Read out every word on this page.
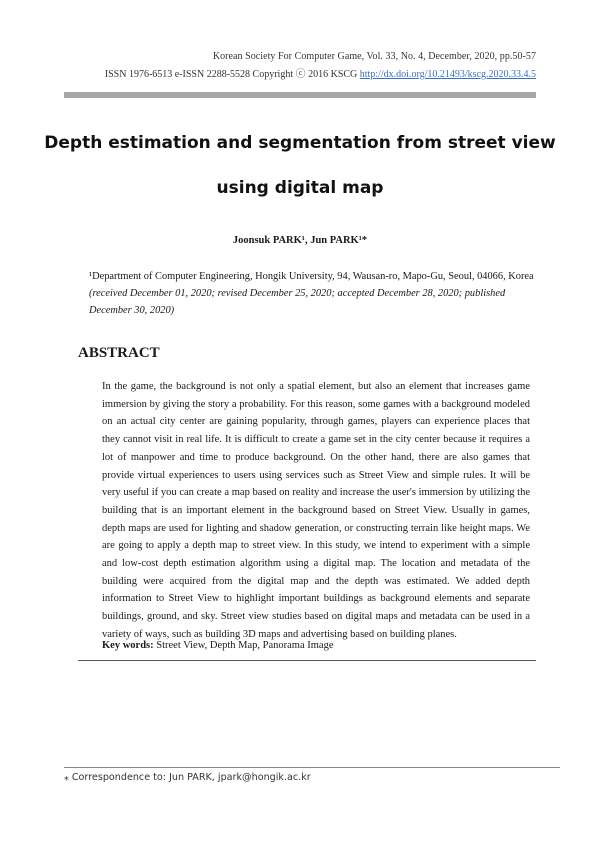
Korean Society For Computer Game, Vol. 33, No. 4, December, 2020, pp.50-57
ISSN 1976-6513 e-ISSN 2288-5528 Copyright ⓒ 2016 KSCG http://dx.doi.org/10.21493/kscg.2020.33.4.5
Depth estimation and segmentation from street view
using digital map
Joonsuk PARK¹, Jun PARK¹*
¹Department of Computer Engineering, Hongik University, 94, Wausan-ro, Mapo-Gu, Seoul, 04066, Korea
(received December 01, 2020; revised December 25, 2020; accepted December 28, 2020; published December 30, 2020)
ABSTRACT
In the game, the background is not only a spatial element, but also an element that increases game immersion by giving the story a probability. For this reason, some games with a background modeled on an actual city center are gaining popularity, through games, players can experience places that they cannot visit in real life. It is difficult to create a game set in the city center because it requires a lot of manpower and time to produce background. On the other hand, there are also games that provide virtual experiences to users using services such as Street View and simple rules. It will be very useful if you can create a map based on reality and increase the user's immersion by utilizing the building that is an important element in the background based on Street View. Usually in games, depth maps are used for lighting and shadow generation, or constructing terrain like height maps. We are going to apply a depth map to street view. In this study, we intend to experiment with a simple and low-cost depth estimation algorithm using a digital map. The location and metadata of the building were acquired from the digital map and the depth was estimated. We added depth information to Street View to highlight important buildings as background elements and separate buildings, ground, and sky. Street view studies based on digital maps and metadata can be used in a variety of ways, such as building 3D maps and advertising based on building planes.
Key words: Street View, Depth Map, Panorama Image
⁎ Correspondence to: Jun PARK, jpark@hongik.ac.kr
